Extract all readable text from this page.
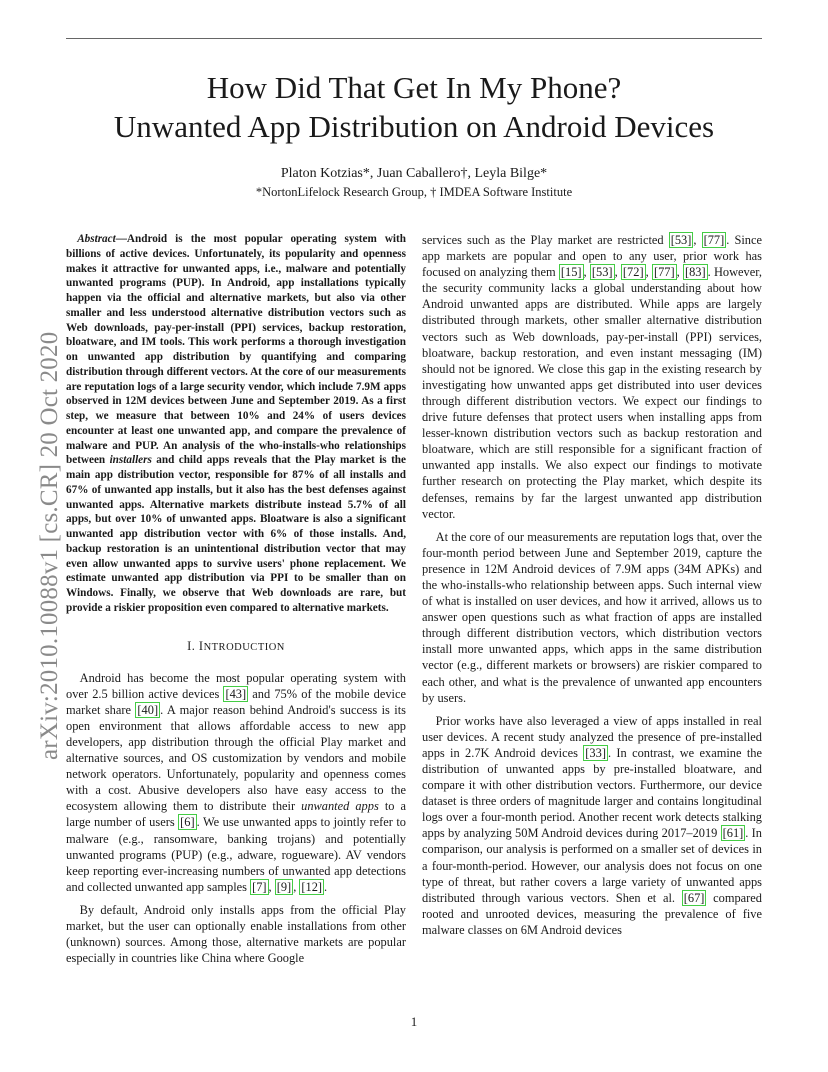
arXiv:2010.10088v1 [cs.CR] 20 Oct 2020
How Did That Get In My Phone?
Unwanted App Distribution on Android Devices
Platon Kotzias*, Juan Caballero†, Leyla Bilge*
*NortonLifelock Research Group, † IMDEA Software Institute

Abstract—Android is the most popular operating system with billions of active devices. Unfortunately, its popularity and openness makes it attractive for unwanted apps, i.e., malware and potentially unwanted programs (PUP). In Android, app installations typically happen via the official and alternative markets, but also via other smaller and less understood alternative distribution vectors such as Web downloads, pay-per-install (PPI) services, backup restoration, bloatware, and IM tools. This work performs a thorough investigation on unwanted app distribution by quantifying and comparing distribution through different vectors. At the core of our measurements are reputation logs of a large security vendor, which include 7.9M apps observed in 12M devices between June and September 2019. As a first step, we measure that between 10% and 24% of users devices encounter at least one unwanted app, and compare the prevalence of malware and PUP. An analysis of the who-installs-who relationships between installers and child apps reveals that the Play market is the main app distribution vector, responsible for 87% of all installs and 67% of unwanted app installs, but it also has the best defenses against unwanted apps. Alternative markets distribute instead 5.7% of all apps, but over 10% of unwanted apps. Bloatware is also a significant unwanted app distribution vector with 6% of those installs. And, backup restoration is an unintentional distribution vector that may even allow unwanted apps to survive users' phone replacement. We estimate unwanted app distribution via PPI to be smaller than on Windows. Finally, we observe that Web downloads are rare, but provide a riskier proposition even compared to alternative markets.

I. INTRODUCTION

Android has become the most popular operating system with over 2.5 billion active devices [43] and 75% of the mobile device market share [40] . A major reason behind Android's success is its open environment that allows affordable access to new app developers, app distribution through the official Play market and alternative sources, and OS customization by vendors and mobile network operators. Unfortunately, popularity and openness comes with a cost. Abusive developers also have easy access to the ecosystem allowing them to distribute their unwanted apps to a large number of users [6] . We use unwanted apps to jointly refer to malware (e.g., ransomware, banking trojans) and potentially unwanted programs (PUP) (e.g., adware, rogueware). AV vendors keep reporting ever-increasing numbers of unwanted app detections and collected unwanted app samples [7] , [9] , [12] .

By default, Android only installs apps from the official Play market, but the user can optionally enable installations from other (unknown) sources. Among those, alternative markets are popular especially in countries like China where Google

services such as the Play market are restricted [53] , [77] . Since app markets are popular and open to any user, prior work has focused on analyzing them [15] , [53] , [72] , [77] , [83] . However, the security community lacks a global understanding about how Android unwanted apps are distributed. While apps are largely distributed through markets, other smaller alternative distribution vectors such as Web downloads, pay-per-install (PPI) services, bloatware, backup restoration, and even instant messaging (IM) should not be ignored. We close this gap in the existing research by investigating how unwanted apps get distributed into user devices through different distribution vectors. We expect our findings to drive future defenses that protect users when installing apps from lesser-known distribution vectors such as backup restoration and bloatware, which are still responsible for a significant fraction of unwanted app installs. We also expect our findings to motivate further research on protecting the Play market, which despite its defenses, remains by far the largest unwanted app distribution vector.

At the core of our measurements are reputation logs that, over the four-month period between June and September 2019, capture the presence in 12M Android devices of 7.9M apps (34M APKs) and the who-installs-who relationship between apps. Such internal view of what is installed on user devices, and how it arrived, allows us to answer open questions such as what fraction of apps are installed through different distribution vectors, which distribution vectors install more unwanted apps, which apps in the same distribution vector (e.g., different markets or browsers) are riskier compared to each other, and what is the prevalence of unwanted app encounters by users.

Prior works have also leveraged a view of apps installed in real user devices. A recent study analyzed the presence of pre-installed apps in 2.7K Android devices [33] . In contrast, we examine the distribution of unwanted apps by pre-installed bloatware, and compare it with other distribution vectors. Furthermore, our device dataset is three orders of magnitude larger and contains longitudinal logs over a four-month period. Another recent work detects stalking apps by analyzing 50M Android devices during 2017–2019 [61] . In comparison, our analysis is performed on a smaller set of devices in a four-month-period. However, our analysis does not focus on one type of threat, but rather covers a large variety of unwanted apps distributed through various vectors. Shen et al. [67] compared rooted and unrooted devices, measuring the prevalence of five malware classes on 6M Android devices

1
